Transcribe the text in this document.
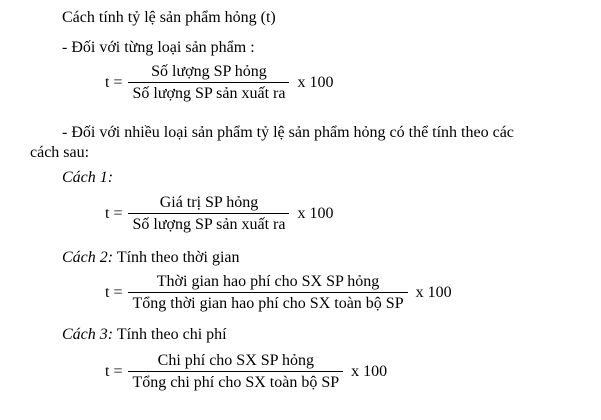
Cách tính tỷ lệ sản phẩm hỏng (t)
- Đối với từng loại sản phẩm :
$t = \frac{\text{Số lượng SP hỏng}}{\text{Số lượng SP sản xuất ra}}$ x 100
- Đối với nhiều loại sản phẩm tỷ lệ sản phẩm hỏng có thể tính theo các
cách sau:
Cách 1:
$t = \frac{\text{Giá trị SP hỏng}}{\text{Số lượng SP sản xuất ra}}$ x 100
Cách 2: Tính theo thời gian
$t = \frac{\text{Thời gian hao phí cho SX SP hỏng}}{\text{Tổng thời gian hao phí cho SX toàn bộ SP}}$ x 100
Cách 3: Tính theo chi phí
$t = \frac{\text{Chi phí cho SX SP hỏng}}{\text{Tổng chi phí cho SX toàn bộ SP}}$ x 100
